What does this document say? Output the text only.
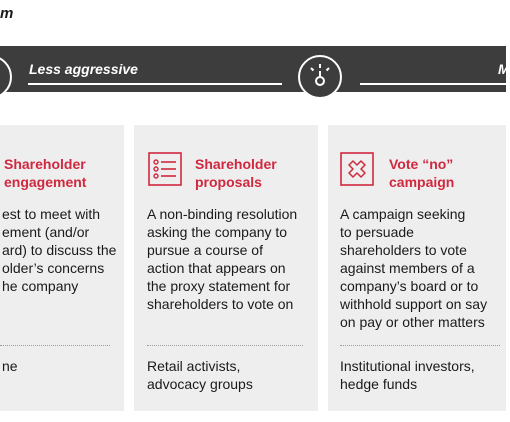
m
Less aggressive	M
Shareholder
engagement
est to meet with
ement (and/or
ard) to discuss the
older’s concerns
he company
ne
Shareholder
proposals
A non-binding resolution
asking the company to
pursue a course of
action that appears on
the proxy statement for
shareholders to vote on
Retail activists,
advocacy groups
Vote “no”
campaign
A campaign seeking
to persuade
shareholders to vote
against members of a
company’s board or to
withhold support on say
on pay or other matters
Institutional investors,
hedge funds
